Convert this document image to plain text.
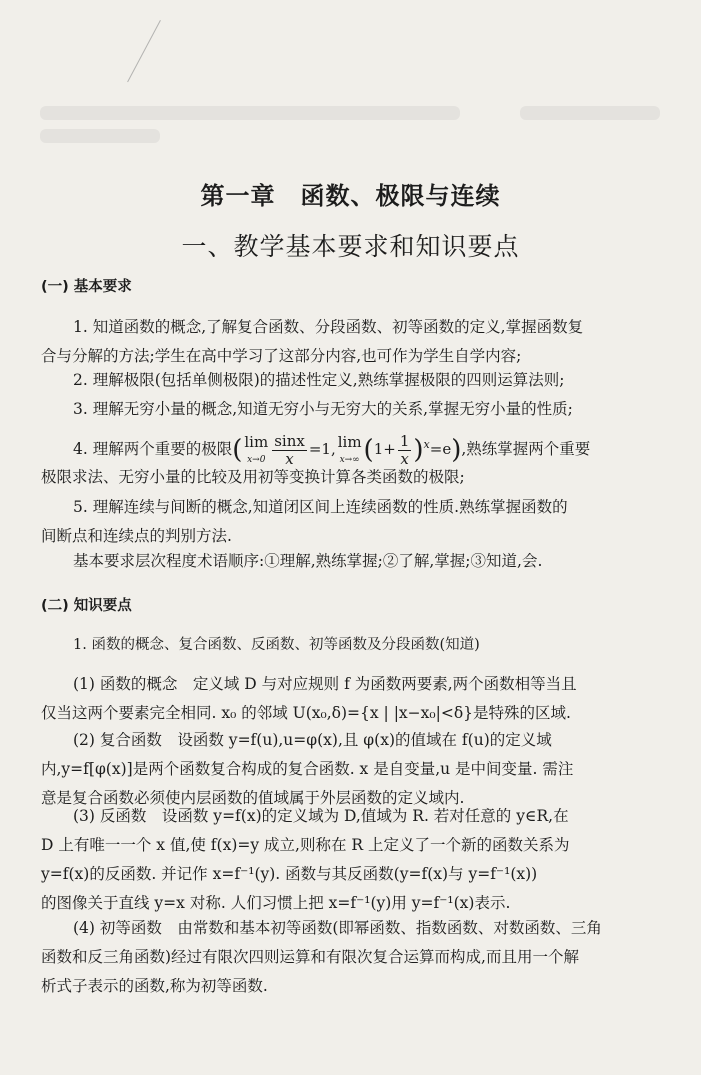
第一章　函数、极限与连续
一、教学基本要求和知识要点
(一) 基本要求
1. 知道函数的概念,了解复合函数、分段函数、初等函数的定义,掌握函数复
合与分解的方法;学生在高中学习了这部分内容,也可作为学生自学内容;
2. 理解极限(包括单侧极限)的描述性定义,熟练掌握极限的四则运算法则;
3. 理解无穷小量的概念,知道无穷小与无穷大的关系,掌握无穷小量的性质;
4. 理解两个重要的极限( lim
$x\to 0 \frac{\sin x}{x} =1$, lim
x→∞ $(1+ \frac{1}{x} )^x=e$),熟练掌握两个重要
极限求法、无穷小量的比较及用初等变换计算各类函数的极限;
5. 理解连续与间断的概念,知道闭区间上连续函数的性质.熟练掌握函数的
间断点和连续点的判别方法.
基本要求层次程度术语顺序:①理解,熟练掌握;②了解,掌握;③知道,会.
(二) 知识要点
1. 函数的概念、复合函数、反函数、初等函数及分段函数(知道)
(1) 函数的概念　定义域 D 与对应规则 f 为函数两要素,两个函数相等当且
仅当这两个要素完全相同. x₀ 的邻域 U(x₀,δ)={x | |x−x₀|<δ}是特殊的区域.
(2) 复合函数　设函数 y=f(u),u=φ(x),且 φ(x)的值域在 f(u)的定义域
内,y=f[φ(x)]是两个函数复合构成的复合函数. x 是自变量,u 是中间变量. 需注
意是复合函数必须使内层函数的值域属于外层函数的定义域内.
(3) 反函数　设函数 y=f(x)的定义域为 D,值域为 R. 若对任意的 y∈R,在
D 上有唯一一个 x 值,使 f(x)=y 成立,则称在 R 上定义了一个新的函数关系为
y=f(x)的反函数. 并记作 x=f⁻¹(y). 函数与其反函数(y=f(x)与 y=f⁻¹(x))
的图像关于直线 y=x 对称. 人们习惯上把 x=f⁻¹(y)用 y=f⁻¹(x)表示.
(4) 初等函数　由常数和基本初等函数(即幂函数、指数函数、对数函数、三角
函数和反三角函数)经过有限次四则运算和有限次复合运算而构成,而且用一个解
析式子表示的函数,称为初等函数.
